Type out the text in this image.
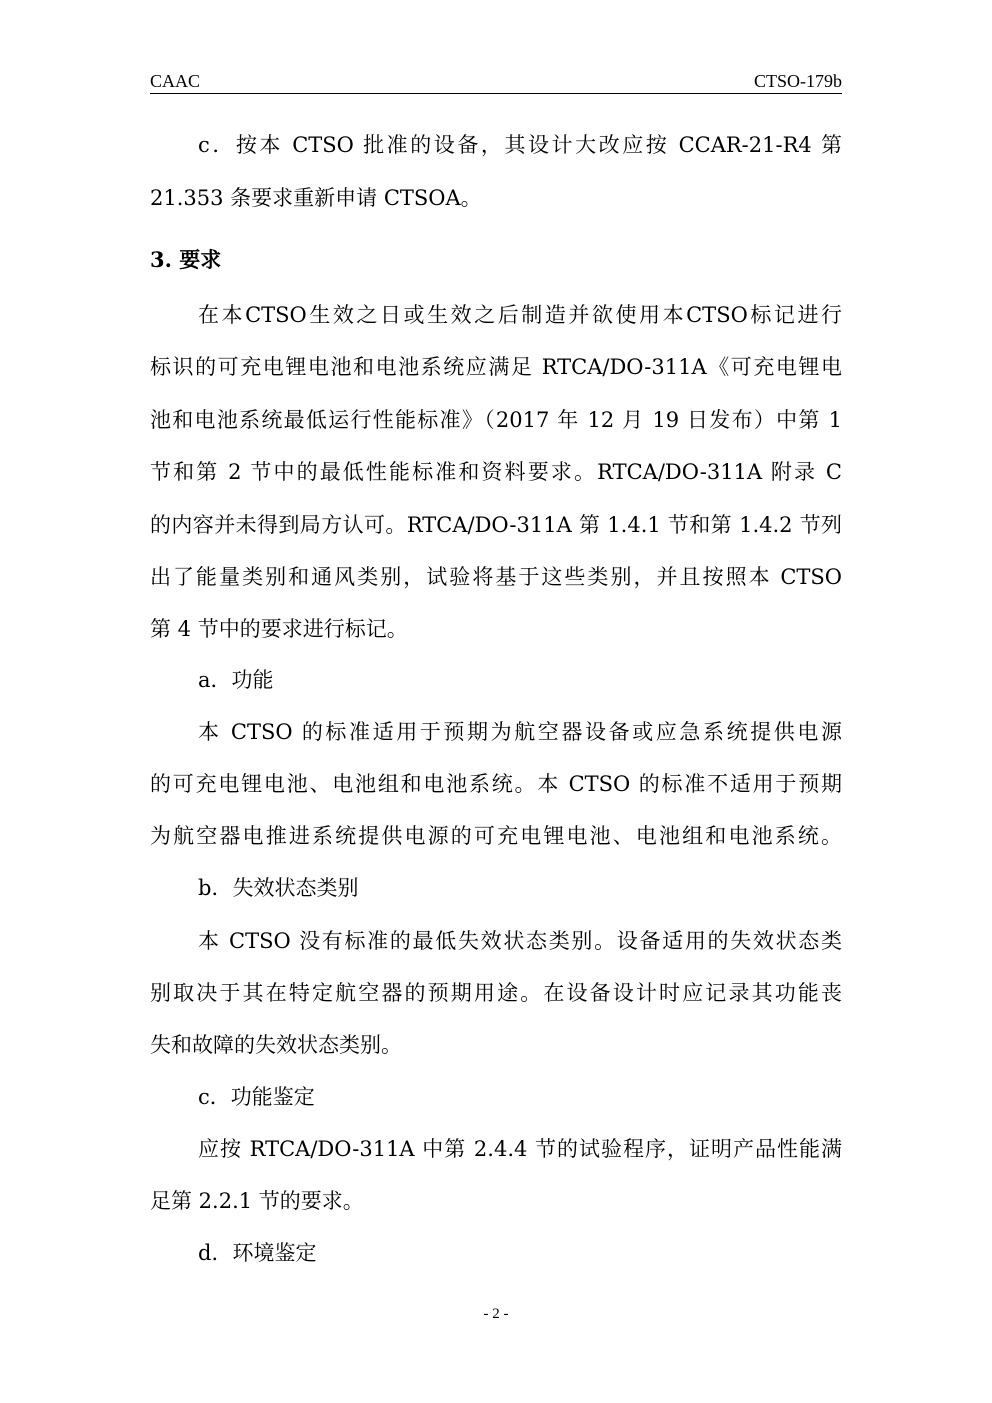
CAAC	CTSO-179b
c．按本 CTSO 批准的设备，其设计大改应按 CCAR-21-R4 第
21.353 条要求重新申请 CTSOA。
3. 要求
在本CTSO生效之日或生效之后制造并欲使用本CTSO标记进行
标识的可充电锂电池和电池系统应满足 RTCA/DO-311A《可充电锂电
池和电池系统最低运行性能标准》（2017 年 12 月 19 日发布）中第 1
节和第 2 节中的最低性能标准和资料要求。RTCA/DO-311A 附录 C
的内容并未得到局方认可。RTCA/DO-311A 第 1.4.1 节和第 1.4.2 节列
出了能量类别和通风类别，试验将基于这些类别，并且按照本 CTSO
第 4 节中的要求进行标记。
a．功能
本 CTSO 的标准适用于预期为航空器设备或应急系统提供电源
的可充电锂电池、电池组和电池系统。本 CTSO 的标准不适用于预期
为航空器电推进系统提供电源的可充电锂电池、电池组和电池系统。
b．失效状态类别
本 CTSO 没有标准的最低失效状态类别。设备适用的失效状态类
别取决于其在特定航空器的预期用途。在设备设计时应记录其功能丧
失和故障的失效状态类别。
c．功能鉴定
应按 RTCA/DO-311A 中第 2.4.4 节的试验程序，证明产品性能满
足第 2.2.1 节的要求。
d．环境鉴定
- 2 -
